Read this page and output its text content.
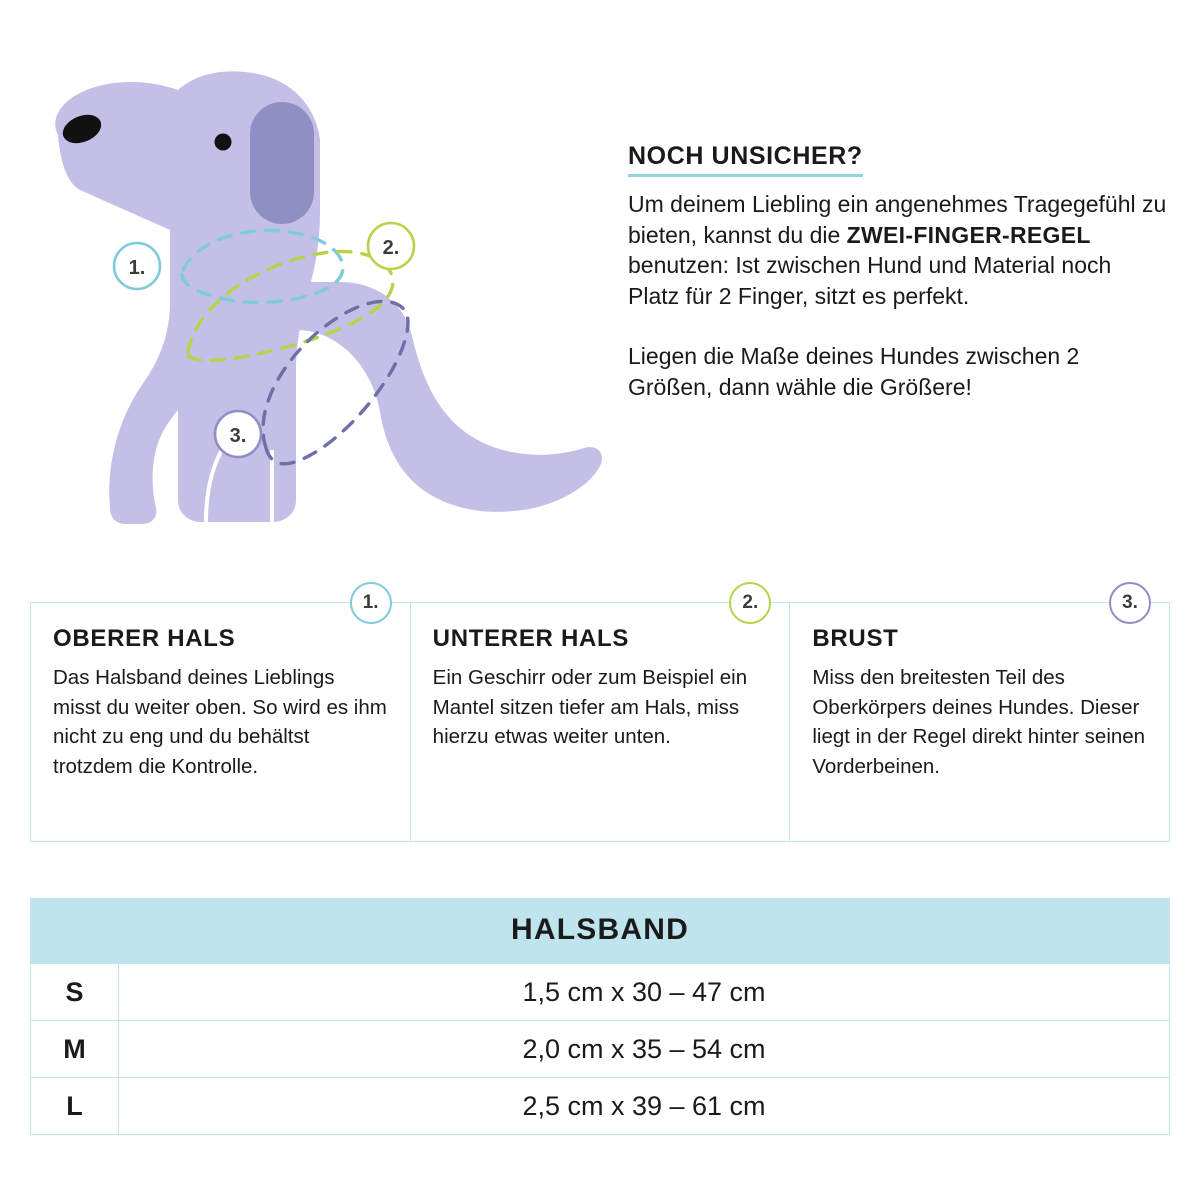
1.
2.
3.
NOCH UNSICHER?

Um deinem Liebling ein angenehmes Tragegefühl zu bieten, kannst du die ZWEI-FINGER-REGEL benutzen: Ist zwischen Hund und Material noch Platz für 2 Finger, sitzt es perfekt.

Liegen die Maße deines Hundes zwischen 2 Größen, dann wähle die Größere!

1.
OBERER HALS

Das Halsband deines Lieblings misst du weiter oben. So wird es ihm nicht zu eng und du behältst trotzdem die Kontrolle.

2.
UNTERER HALS

Ein Geschirr oder zum Beispiel ein Mantel sitzen tiefer am Hals, miss hierzu etwas weiter unten.

3.
BRUST

Miss den breitesten Teil des Oberkörpers deines Hundes. Dieser liegt in der Regel direkt hinter seinen Vorderbeinen.

HALSBAND
S	1,5 cm x 30 – 47 cm
M	2,0 cm x 35 – 54 cm
L	2,5 cm x 39 – 61 cm
